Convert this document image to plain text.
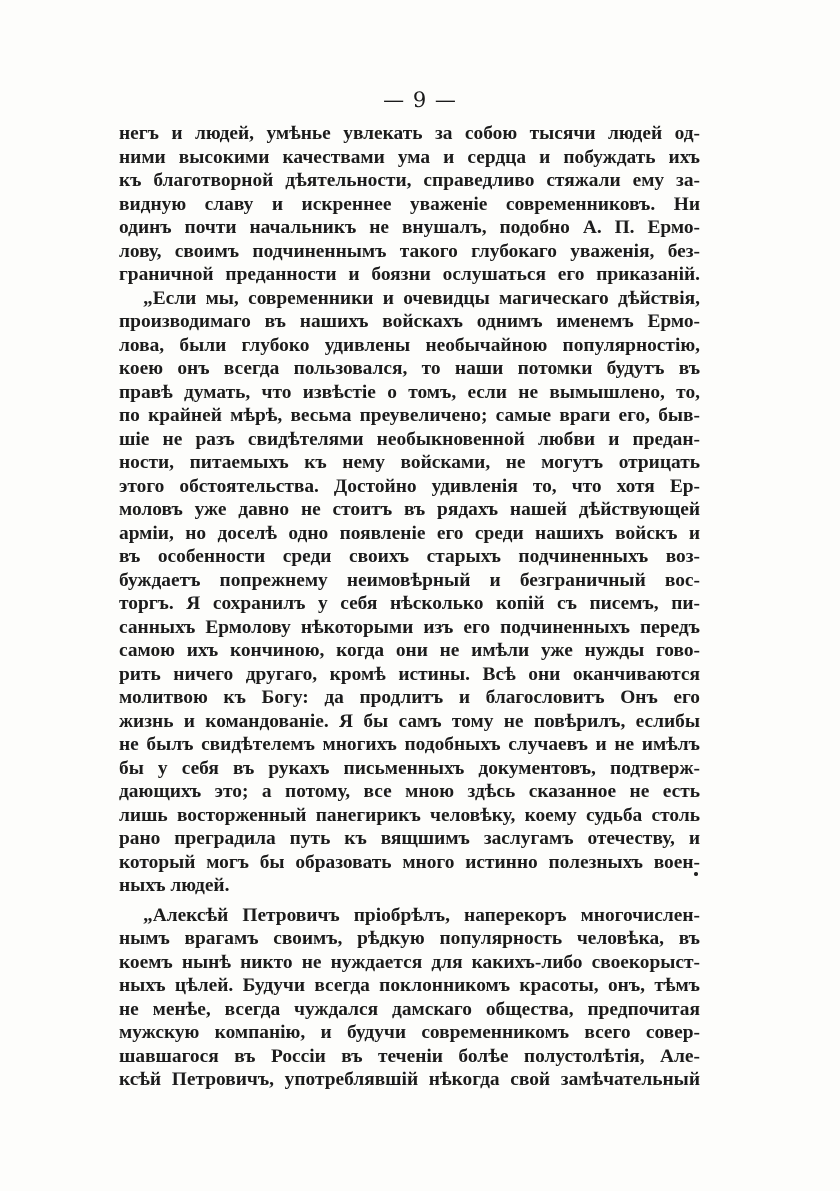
— 9 —
негъ и людей, умѣнье увлекать за собою тысячи людей од-
ними высокими качествами ума и сердца и побуждать ихъ
къ благотворной дѣятельности, справедливо стяжали ему за-
видную славу и искреннее уваженіе современниковъ. Ни
одинъ почти начальникъ не внушалъ, подобно А. П. Ермо-
лову, своимъ подчиненнымъ такого глубокаго уваженія, без-
граничной преданности и боязни ослушаться его приказаній.
„Если мы, современники и очевидцы магическаго дѣйствія,
производимаго въ нашихъ войскахъ однимъ именемъ Ермо-
лова, были глубоко удивлены необычайною популярностію,
коею онъ всегда пользовался, то наши потомки будутъ въ
правѣ думать, что извѣстіе о томъ, если не вымышлено, то,
по крайней мѣрѣ, весьма преувеличено; самые враги его, быв-
шіе не разъ свидѣтелями необыкновенной любви и предан-
ности, питаемыхъ къ нему войсками, не могутъ отрицать
этого обстоятельства. Достойно удивленія то, что хотя Ер-
моловъ уже давно не стоитъ въ рядахъ нашей дѣйствующей
арміи, но доселѣ одно появленіе его среди нашихъ войскъ и
въ особенности среди своихъ старыхъ подчиненныхъ воз-
буждаетъ попрежнему неимовѣрный и безграничный вос-
торгъ. Я сохранилъ у себя нѣсколько копій съ писемъ, пи-
санныхъ Ермолову нѣкоторыми изъ его подчиненныхъ передъ
самою ихъ кончиною, когда они не имѣли уже нужды гово-
рить ничего другаго, кромѣ истины. Всѣ они оканчиваются
молитвою къ Богу: да продлитъ и благословитъ Онъ его
жизнь и командованіе. Я бы самъ тому не повѣрилъ, еслибы
не былъ свидѣтелемъ многихъ подобныхъ случаевъ и не имѣлъ
бы у себя въ рукахъ письменныхъ документовъ, подтверж-
дающихъ это; а потому, все мною здѣсь сказанное не есть
лишь восторженный панегирикъ человѣку, коему судьба столь
рано преградила путь къ вящшимъ заслугамъ отечеству, и
который могъ бы образовать много истинно полезныхъ воен-
ныхъ людей.
„Алексѣй Петровичъ пріобрѣлъ, наперекоръ многочислен-
нымъ врагамъ своимъ, рѣдкую популярность человѣка, въ
коемъ нынѣ никто не нуждается для какихъ-либо своекорыст-
ныхъ цѣлей. Будучи всегда поклонникомъ красоты, онъ, тѣмъ
не менѣе, всегда чуждался дамскаго общества, предпочитая
мужскую компанію, и будучи современникомъ всего совер-
шавшагося въ Россіи въ теченіи болѣе полустолѣтія, Але-
ксѣй Петровичъ, употреблявшій нѣкогда свой замѣчательный
